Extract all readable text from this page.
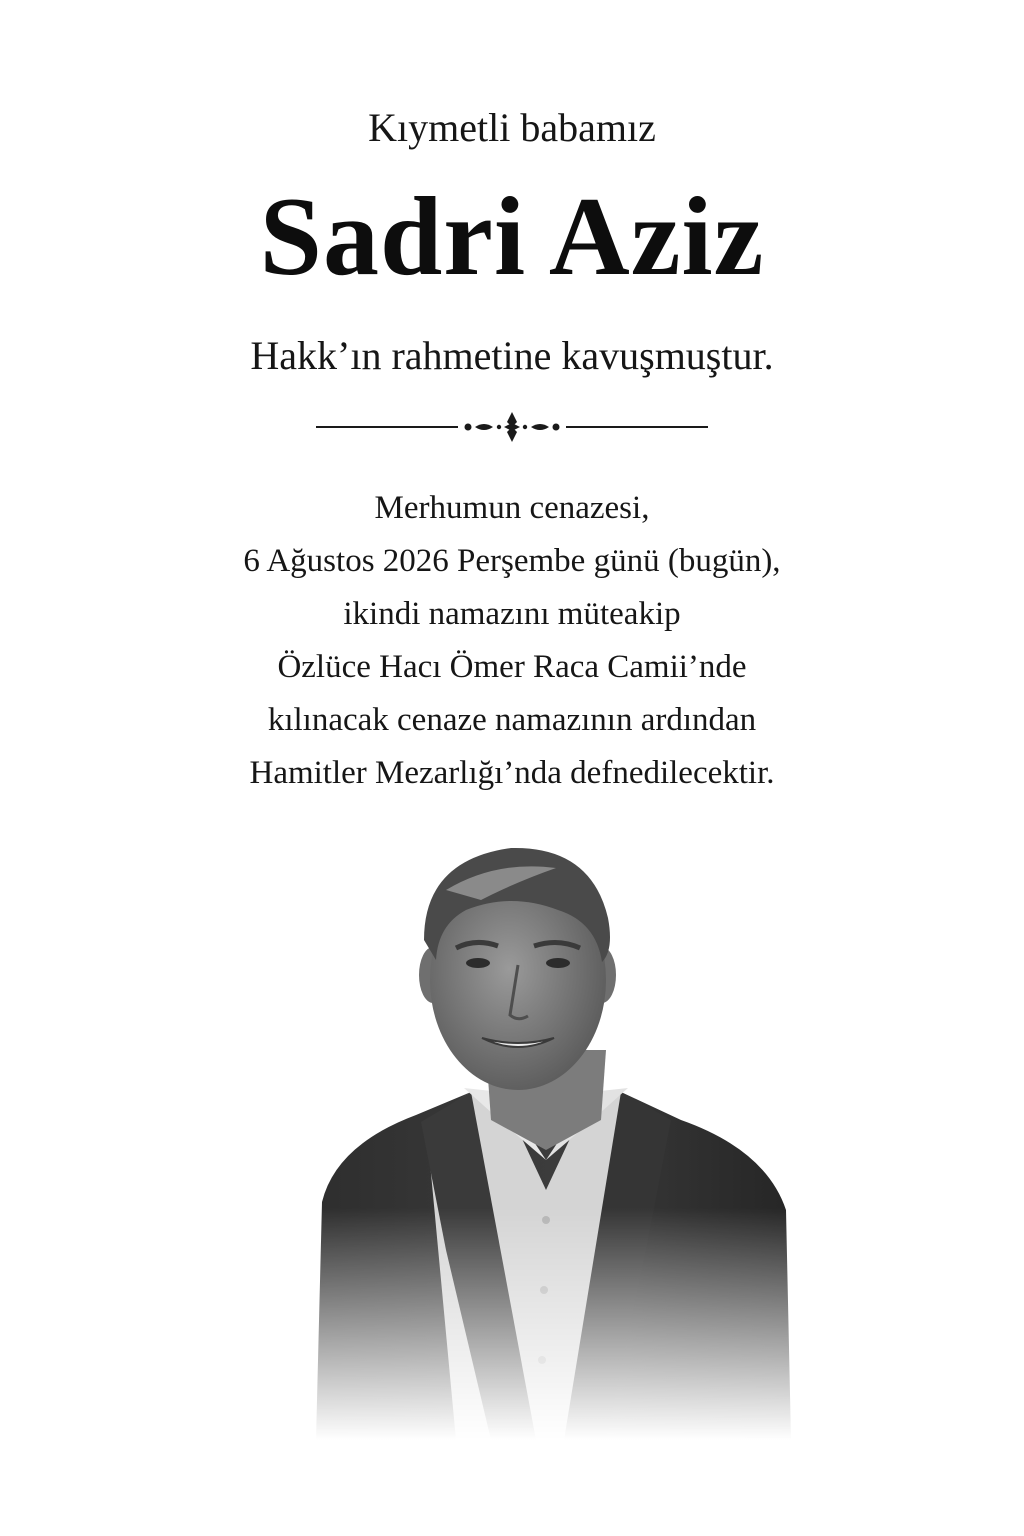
Kıymetli babamız
Sadri Aziz
Hakk’ın rahmetine kavuşmuştur.
Merhumun cenazesi,
6 Ağustos 2026 Perşembe günü (bugün),
ikindi namazını müteakip
Özlüce Hacı Ömer Raca Camii’nde
kılınacak cenaze namazının ardından
Hamitler Mezarlığı’nda defnedilecektir.
